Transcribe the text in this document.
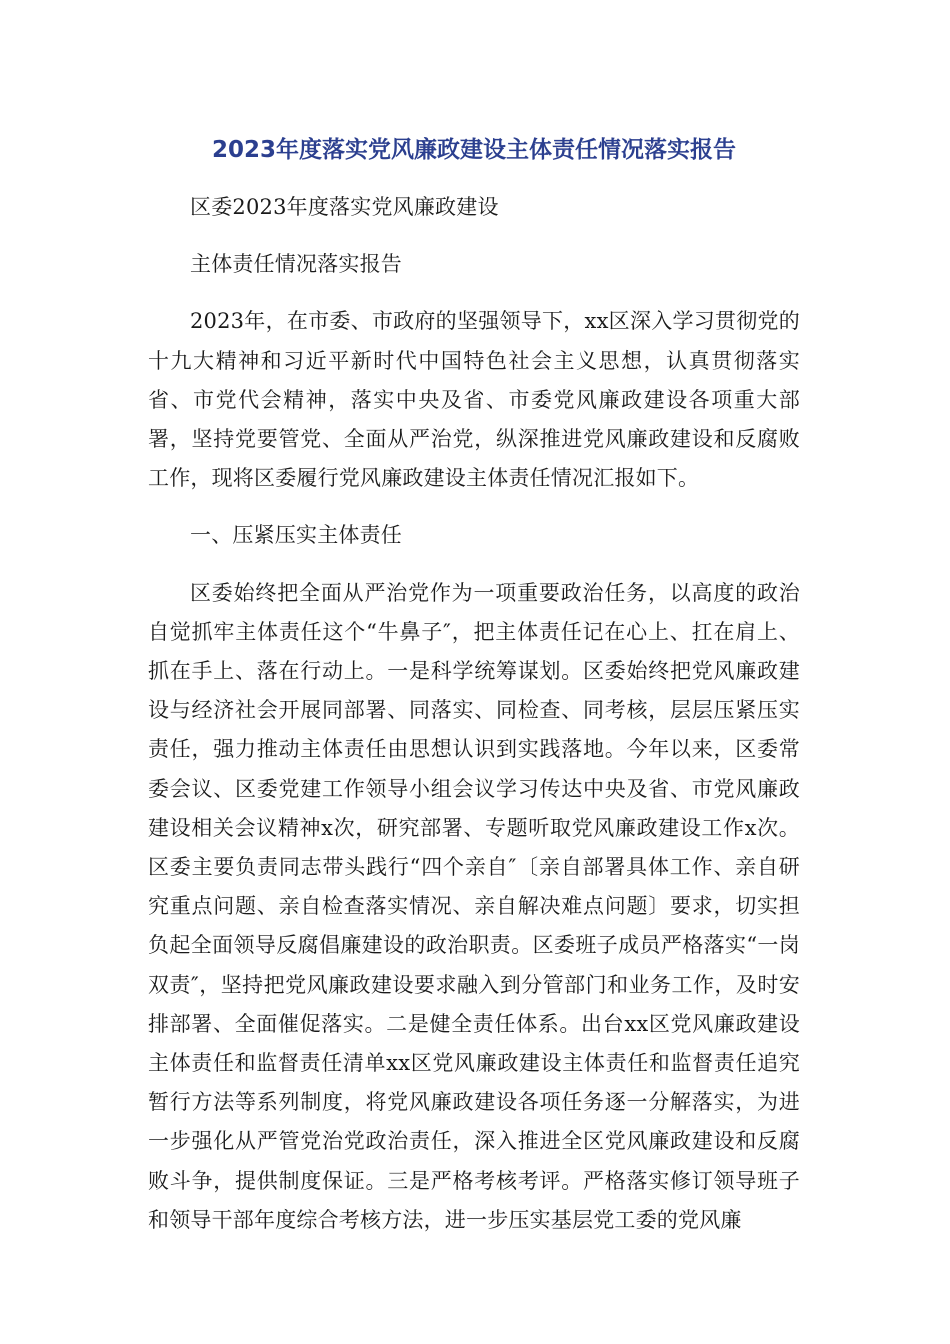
2023年度落实党风廉政建设主体责任情况落实报告

区委2023年度落实党风廉政建设

主体责任情况落实报告

2023年，在市委、市政府的坚强领导下，xx区深入学习贯彻党的十九大精神和习近平新时代中国特色社会主义思想，认真贯彻落实省、市党代会精神，落实中央及省、市委党风廉政建设各项重大部署，坚持党要管党、全面从严治党，纵深推进党风廉政建设和反腐败工作，现将区委履行党风廉政建设主体责任情况汇报如下。

一、压紧压实主体责任

区委始终把全面从严治党作为一项重要政治任务，以高度的政治自觉抓牢主体责任这个“牛鼻子″，把主体责任记在心上、扛在肩上、抓在手上、落在行动上。一是科学统筹谋划。区委始终把党风廉政建设与经济社会开展同部署、同落实、同检查、同考核，层层压紧压实责任，强力推动主体责任由思想认识到实践落地。今年以来，区委常委会议、区委党建工作领导小组会议学习传达中央及省、市党风廉政建设相关会议精神x次，研究部署、专题听取党风廉政建设工作x次。区委主要负责同志带头践行“四个亲自″〔亲自部署具体工作、亲自研究重点问题、亲自检查落实情况、亲自解决难点问题〕要求，切实担负起全面领导反腐倡廉建设的政治职责。区委班子成员严格落实“一岗双责″，坚持把党风廉政建设要求融入到分管部门和业务工作，及时安排部署、全面催促落实。二是健全责任体系。出台xx区党风廉政建设主体责任和监督责任清单xx区党风廉政建设主体责任和监督责任追究暂行方法等系列制度，将党风廉政建设各项任务逐一分解落实，为进一步强化从严管党治党政治责任，深入推进全区党风廉政建设和反腐败斗争，提供制度保证。三是严格考核考评。严格落实修订领导班子和领导干部年度综合考核方法，进一步压实基层党工委的党风廉
